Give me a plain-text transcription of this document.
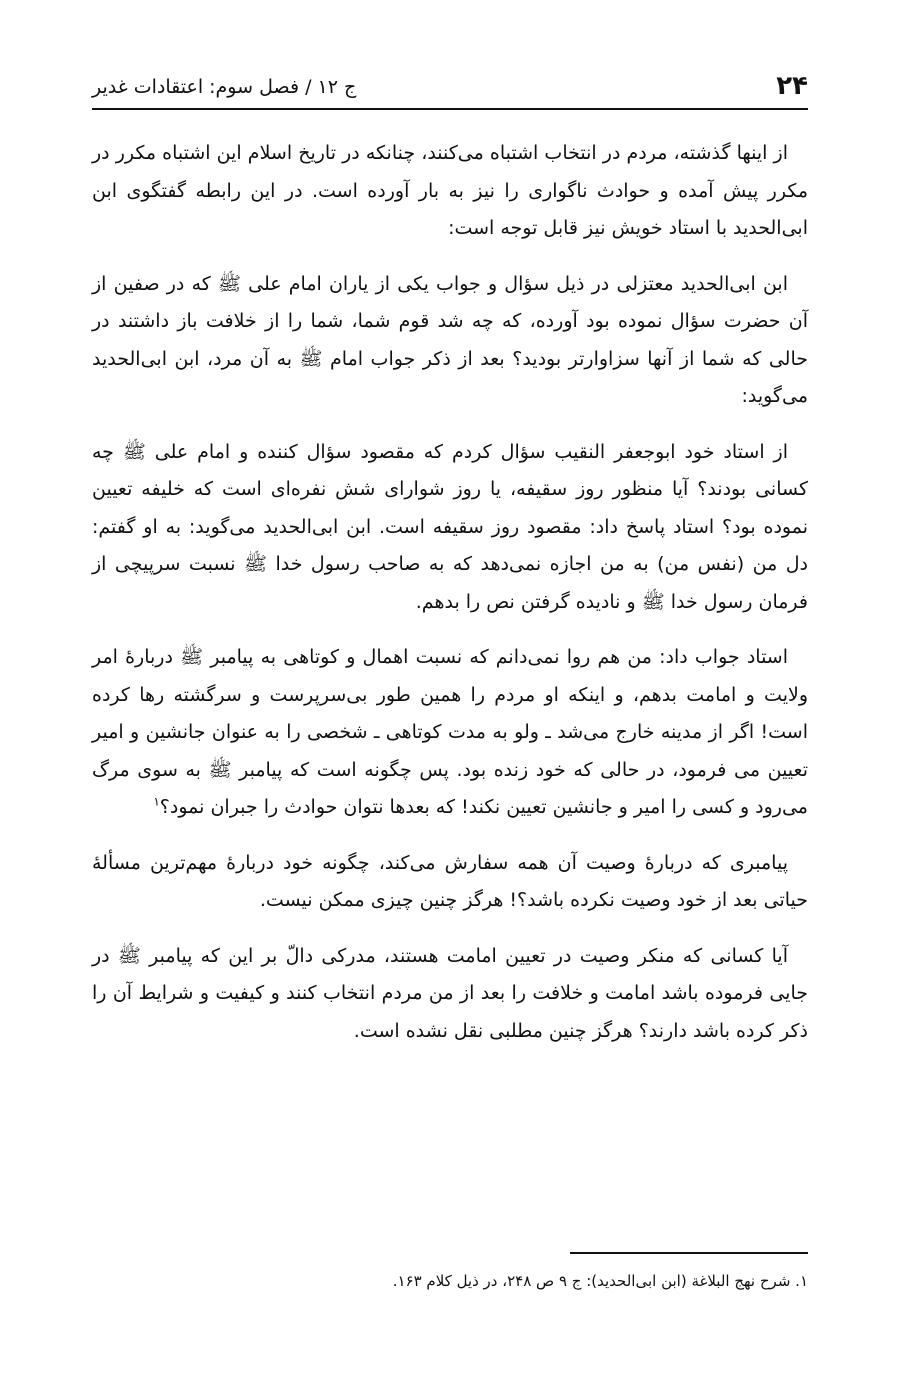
۲۴
ج ۱۲ / فصل سوم: اعتقادات غدیر

از اینها گذشته، مردم در انتخاب اشتباه می‌کنند، چنانکه در تاریخ اسلام این اشتباه مکرر در مکرر پیش آمده و حوادث ناگواری را نیز به بار آورده است. در این رابطه گفتگوی ابن ابی‌الحدید با استاد خویش نیز قابل توجه است:

ابن ابی‌الحدید معتزلی در ذیل سؤال و جواب یکی از یاران امام علی ﷺ که در صفین از آن حضرت سؤال نموده بود آورده، که چه شد قوم شما، شما را از خلافت باز داشتند در حالی که شما از آنها سزاوارتر بودید؟ بعد از ذکر جواب امام ﷺ به آن مرد، ابن ابی‌الحدید می‌گوید:

از استاد خود ابوجعفر النقیب سؤال کردم که مقصود سؤال کننده و امام علی ﷺ چه کسانی بودند؟ آیا منظور روز سقیفه، یا روز شوارای شش نفره‌ای است که خلیفه تعیین نموده بود؟ استاد پاسخ داد: مقصود روز سقیفه است. ابن ابی‌الحدید می‌گوید: به او گفتم: دل من (نفس من) به من اجازه نمی‌دهد که به صاحب رسول خدا ﷺ نسبت سرپیچی از فرمان رسول خدا ﷺ و نادیده گرفتن نص را بدهم.

استاد جواب داد: من هم روا نمی‌دانم که نسبت اهمال و کوتاهی به پیامبر ﷺ دربارهٔ امر ولایت و امامت بدهم، و اینکه او مردم را همین طور بی‌سرپرست و سرگشته رها کرده است! اگر از مدینه خارج می‌شد ـ ولو به مدت کوتاهی ـ شخصی را به عنوان جانشین و امیر تعیین می فرمود، در حالی که خود زنده بود. پس چگونه است که پیامبر ﷺ به سوی مرگ می‌رود و کسی را امیر و جانشین تعیین نکند! که بعدها نتوان حوادث را جبران نمود؟$^۱$

پیامبری که دربارهٔ وصیت آن همه سفارش می‌کند، چگونه خود دربارهٔ مهم‌ترین مسألهٔ حیاتی بعد از خود وصیت نکرده باشد؟! هرگز چنین چیزی ممکن نیست.

آیا کسانی که منکر وصیت در تعیین امامت هستند، مدرکی دالّ بر این که پیامبر ﷺ در جایی فرموده باشد امامت و خلافت را بعد از من مردم انتخاب کنند و کیفیت و شرایط آن را ذکر کرده باشد دارند؟ هرگز چنین مطلبی نقل نشده است.

۱. شرح نهج البلاغة (ابن ابی‌الحدید): ج ۹ ص ۲۴۸، در ذیل کلام ۱۶۳.
